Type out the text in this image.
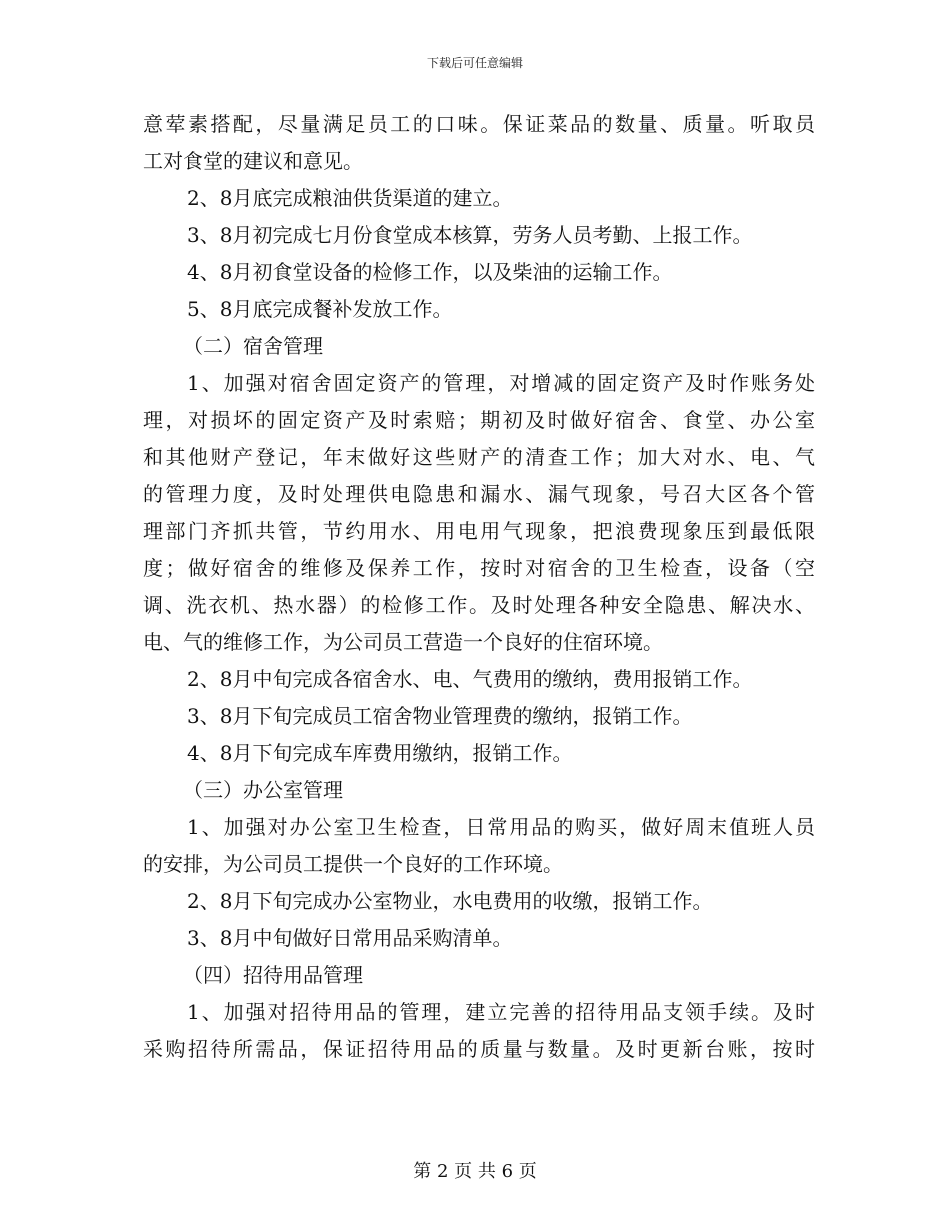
下载后可任意编辑
意荤素搭配，尽量满足员工的口味。保证菜品的数量、质量。听取员
工对食堂的建议和意见。
2、8月底完成粮油供货渠道的建立。
3、8月初完成七月份食堂成本核算，劳务人员考勤、上报工作。
4、8月初食堂设备的检修工作，以及柴油的运输工作。
5、8月底完成餐补发放工作。
（二）宿舍管理
1、加强对宿舍固定资产的管理，对增减的固定资产及时作账务处
理，对损坏的固定资产及时索赔；期初及时做好宿舍、食堂、办公室
和其他财产登记，年末做好这些财产的清查工作；加大对水、电、气
的管理力度，及时处理供电隐患和漏水、漏气现象，号召大区各个管
理部门齐抓共管，节约用水、用电用气现象，把浪费现象压到最低限
度；做好宿舍的维修及保养工作，按时对宿舍的卫生检查，设备（空
调、洗衣机、热水器）的检修工作。及时处理各种安全隐患、解决水、
电、气的维修工作，为公司员工营造一个良好的住宿环境。
2、8月中旬完成各宿舍水、电、气费用的缴纳，费用报销工作。
3、8月下旬完成员工宿舍物业管理费的缴纳，报销工作。
4、8月下旬完成车库费用缴纳，报销工作。
（三）办公室管理
1、加强对办公室卫生检查，日常用品的购买，做好周末值班人员
的安排，为公司员工提供一个良好的工作环境。
2、8月下旬完成办公室物业，水电费用的收缴，报销工作。
3、8月中旬做好日常用品采购清单。
（四）招待用品管理
1、加强对招待用品的管理，建立完善的招待用品支领手续。及时
采购招待所需品，保证招待用品的质量与数量。及时更新台账，按时
第 2 页 共 6 页
